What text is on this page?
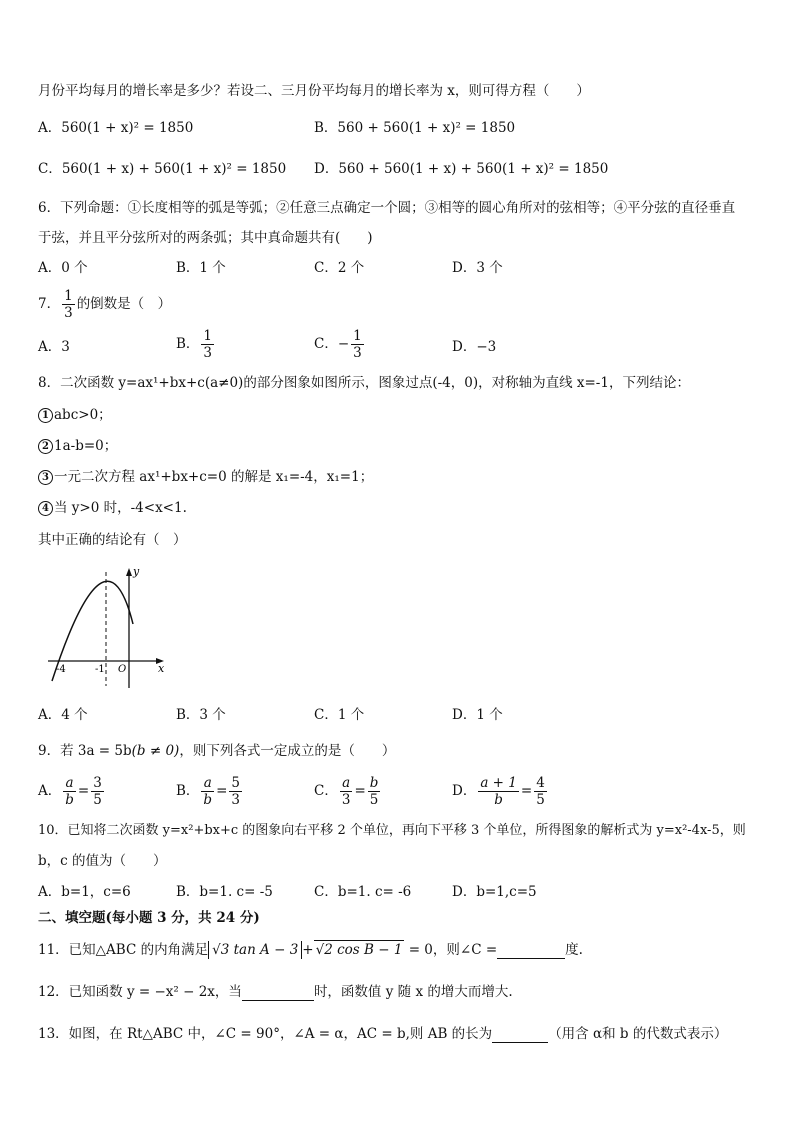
月份平均每月的增长率是多少？若设二、三月份平均每月的增长率为 x，则可得方程（　　）
A．560(1 + x)² = 1850	B．560 + 560(1 + x)² = 1850
C．560(1 + x) + 560(1 + x)² = 1850 D．560 + 560(1 + x) + 560(1 + x)² = 1850
6．下列命题：①长度相等的弧是等弧；②任意三点确定一个圆；③相等的圆心角所对的弦相等；④平分弦的直径垂直
于弦，并且平分弦所对的两条弧；其中真命题共有(　　)
A．0 个	B．1 个	C．2 个	D．3 个
7． $\frac{1}{3}$ 的倒数是（　）
A．3	B． $\frac{1}{3}$	C．− $\frac{1}{3}$	D．−3
8．二次函数 y=ax¹+bx+c(a≠0)的部分图象如图所示，图象过点(-4，0)，对称轴为直线 x=-1，下列结论：
1 abc>0；
2 1a-b=0；
3 一元二次方程 ax¹+bx+c=0 的解是 x₁=-4，x₁=1；
4 当 y>0 时，-4<x<1.
其中正确的结论有（　）
y
x
O
-4	-1
A．4 个	B．3 个	C．1 个	D．1 个
9．若 3a = 5b(b ≠ 0)，则下列各式一定成立的是（　　）
A． $\frac{a}{b} = \frac{3}{5}$	B． $\frac{a}{b} = \frac{5}{3}$	C． $\frac{a}{3} = \frac{b}{5}$	D． $\frac{a + 1}{b} = \frac{4}{5}$
10．已知将二次函数 y=x²+bx+c 的图象向右平移 2 个单位，再向下平移 3 个单位，所得图象的解析式为 y=x²-4x-5，则
b，c 的值为（　　）
A．b=1，c=6	B．b=1. c= -5	C．b=1. c= -6	D．b=1,c=5
二、填空题(每小题 3 分，共 24 分)
11．已知△ABC 的内角满足 √3 tan A − 3 + √2 cos B − 1 = 0，则∠C =	度.
12．已知函数 y = −x² − 2x，当	时，函数值 y 随 x 的增大而增大.
13．如图，在 Rt△ABC 中，∠C = 90°，∠A = α，AC = b,则 AB 的长为	（用含 α和 b 的代数式表示）
